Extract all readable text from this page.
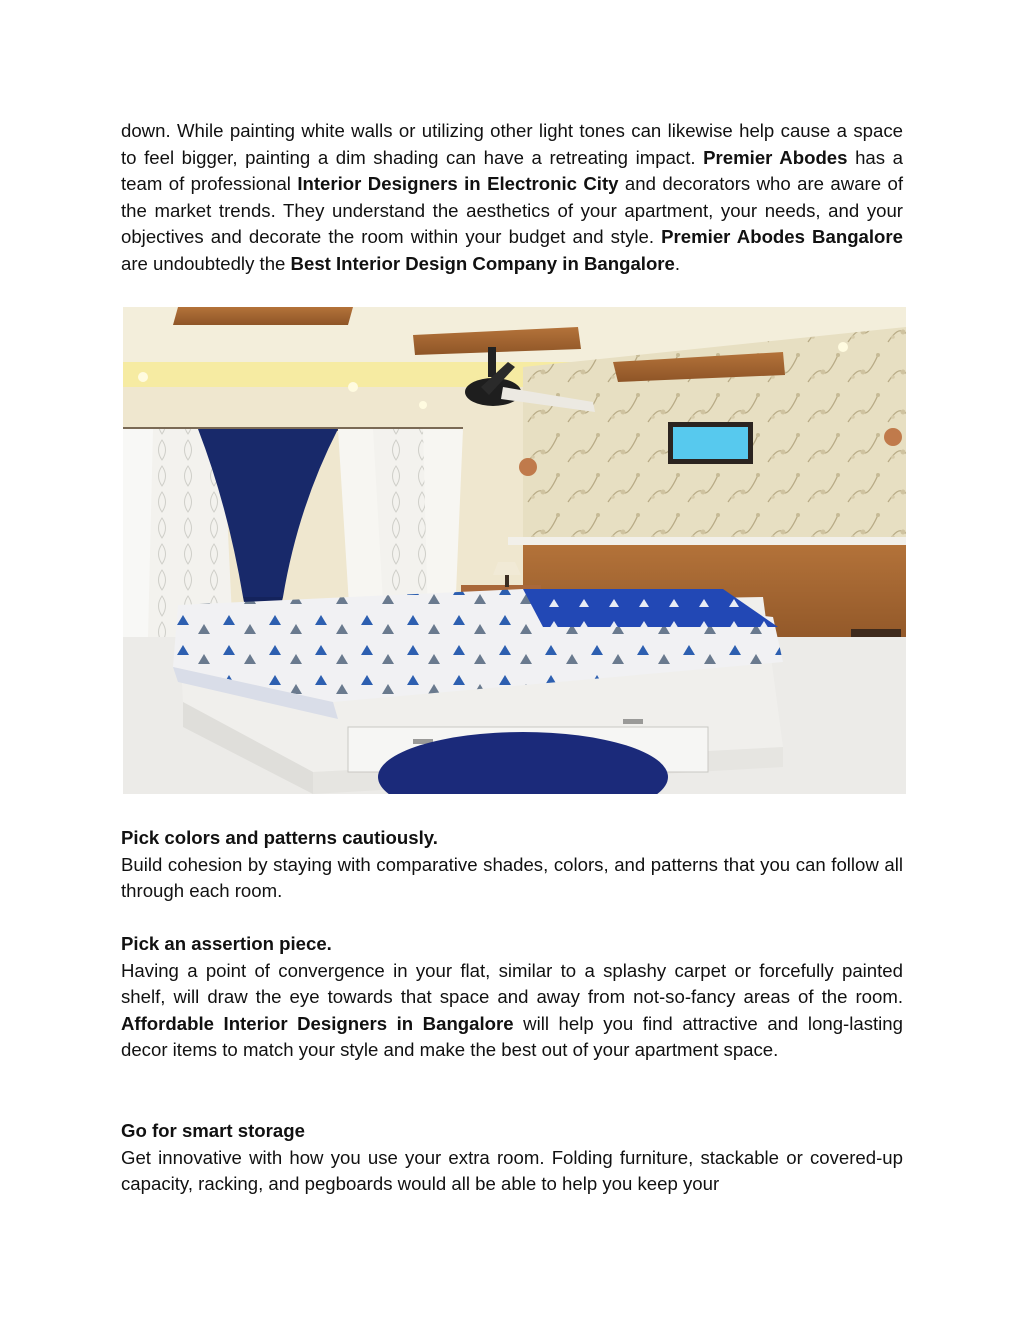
down. While painting white walls or utilizing other light tones can likewise help cause a space to feel bigger, painting a dim shading can have a retreating impact. Premier Abodes has a team of professional Interior Designers in Electronic City and decorators who are aware of the market trends. They understand the aesthetics of your apartment, your needs, and your objectives and decorate the room within your budget and style. Premier Abodes Bangalore are undoubtedly the Best Interior Design Company in Bangalore.

Pick colors and patterns cautiously.

Build cohesion by staying with comparative shades, colors, and patterns that you can follow all through each room.

Pick an assertion piece.

Having a point of convergence in your flat, similar to a splashy carpet or forcefully painted shelf, will draw the eye towards that space and away from not-so-fancy areas of the room. Affordable Interior Designers in Bangalore will help you find attractive and long-lasting decor items to match your style and make the best out of your apartment space.

Go for smart storage

Get innovative with how you use your extra room. Folding furniture, stackable or covered-up capacity, racking, and pegboards would all be able to help you keep your
